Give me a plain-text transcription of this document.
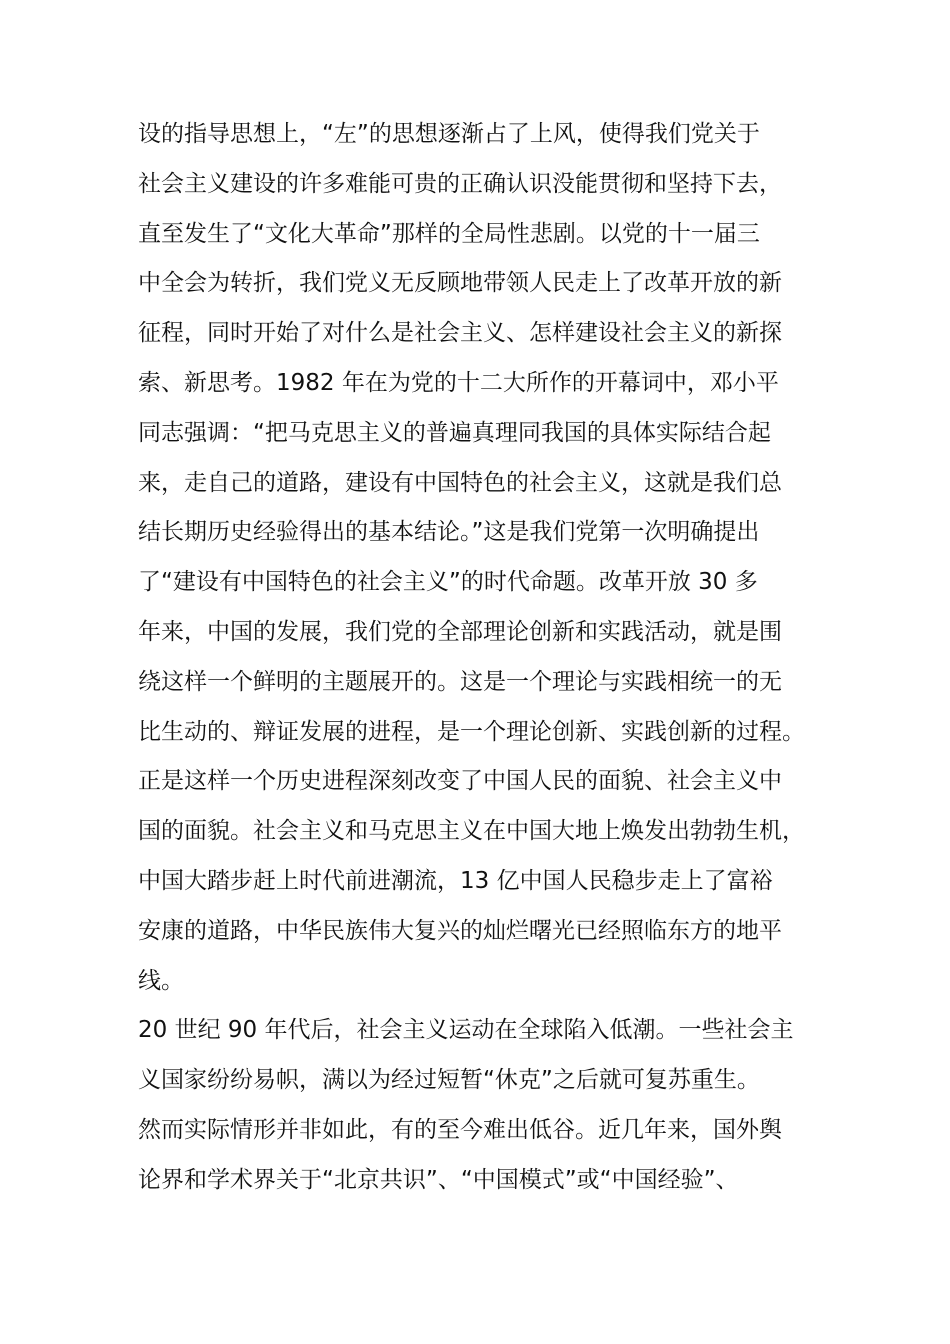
设的指导思想上，“左”的思想逐渐占了上风，使得我们党关于
社会主义建设的许多难能可贵的正确认识没能贯彻和坚持下去，
直至发生了“文化大革命”那样的全局性悲剧。以党的十一届三
中全会为转折，我们党义无反顾地带领人民走上了改革开放的新
征程，同时开始了对什么是社会主义、怎样建设社会主义的新探
索、新思考。1982 年在为党的十二大所作的开幕词中，邓小平
同志强调：“把马克思主义的普遍真理同我国的具体实际结合起
来，走自己的道路，建设有中国特色的社会主义，这就是我们总
结长期历史经验得出的基本结论。”这是我们党第一次明确提出
了“建设有中国特色的社会主义”的时代命题。改革开放 30 多
年来，中国的发展，我们党的全部理论创新和实践活动，就是围
绕这样一个鲜明的主题展开的。这是一个理论与实践相统一的无
比生动的、辩证发展的进程，是一个理论创新、实践创新的过程。
正是这样一个历史进程深刻改变了中国人民的面貌、社会主义中
国的面貌。社会主义和马克思主义在中国大地上焕发出勃勃生机，
中国大踏步赶上时代前进潮流，13 亿中国人民稳步走上了富裕
安康的道路，中华民族伟大复兴的灿烂曙光已经照临东方的地平
线。
20 世纪 90 年代后，社会主义运动在全球陷入低潮。一些社会主
义国家纷纷易帜，满以为经过短暂“休克”之后就可复苏重生。
然而实际情形并非如此，有的至今难出低谷。近几年来，国外舆
论界和学术界关于“北京共识”、“中国模式”或“中国经验”、
